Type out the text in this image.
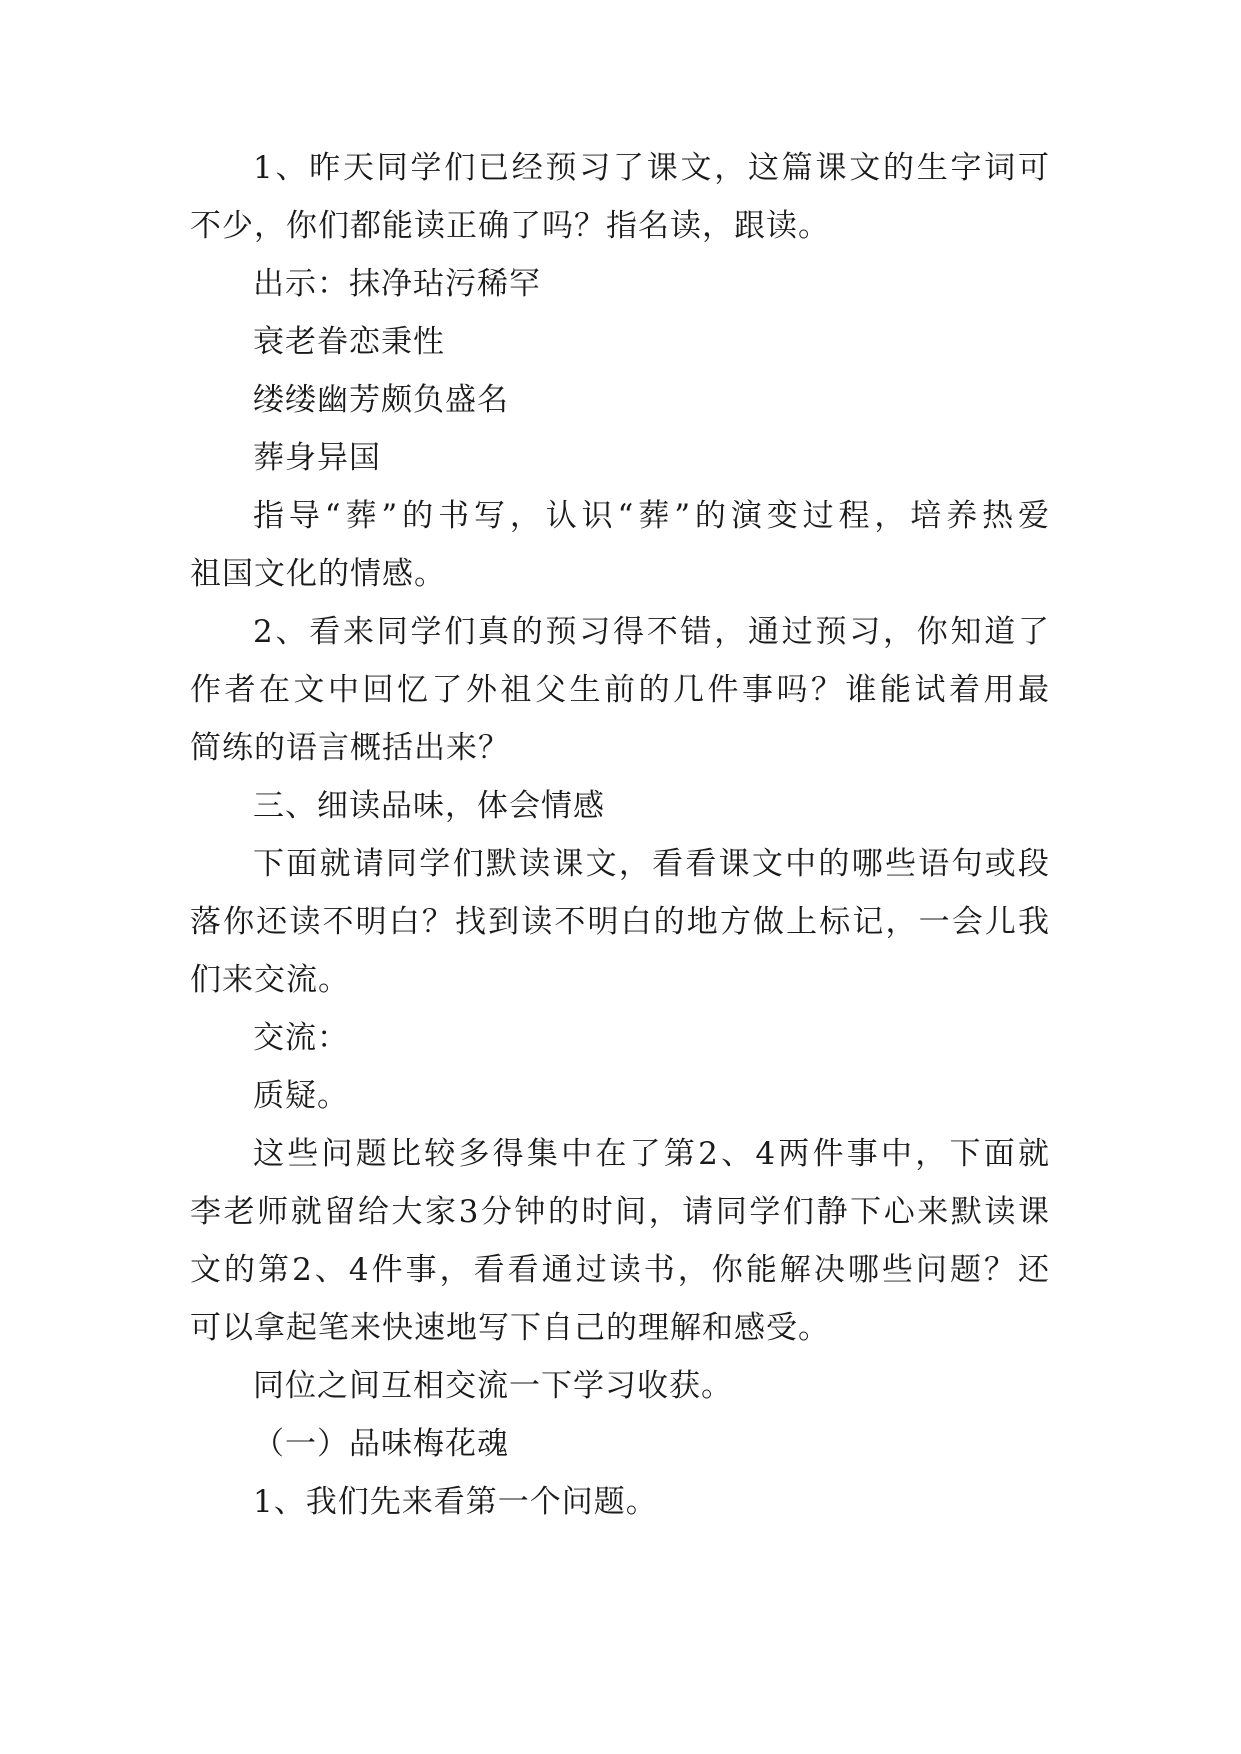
1、昨天同学们已经预习了课文，这篇课文的生字词可
不少，你们都能读正确了吗？指名读，跟读。
出示：抹净玷污稀罕
衰老眷恋秉性
缕缕幽芳颇负盛名
葬身异国
指导“葬”的书写，认识“葬”的演变过程，培养热爱
祖国文化的情感。
2、看来同学们真的预习得不错，通过预习，你知道了
作者在文中回忆了外祖父生前的几件事吗？谁能试着用最
简练的语言概括出来？
三、细读品味，体会情感
下面就请同学们默读课文，看看课文中的哪些语句或段
落你还读不明白？找到读不明白的地方做上标记，一会儿我
们来交流。
交流：
质疑。
这些问题比较多得集中在了第2、4两件事中，下面就
李老师就留给大家3分钟的时间，请同学们静下心来默读课
文的第2、4件事，看看通过读书，你能解决哪些问题？还
可以拿起笔来快速地写下自己的理解和感受。
同位之间互相交流一下学习收获。
（一）品味梅花魂
1、我们先来看第一个问题。
